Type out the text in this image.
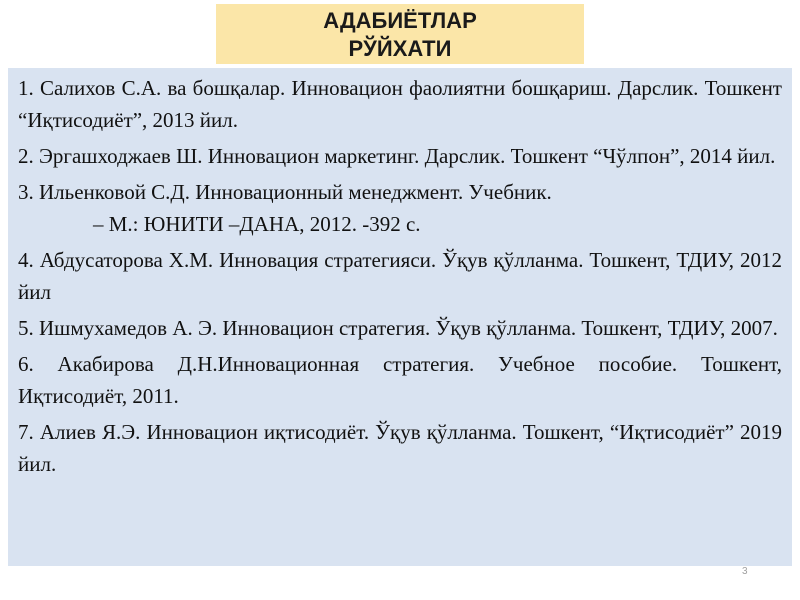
АДАБИЁТЛАР
РЎЙХАТИ

1. Салихов С.А. ва бошқалар. Инновацион фаолиятни бошқариш. Дарслик. Тошкент “Иқтисодиёт”, 2013 йил.

2. Эргашходжаев Ш. Инновацион маркетинг. Дарслик. Тошкент “Чўлпон”, 2014 йил.

3. Ильенковой С.Д. Инновационный менеджмент. Учебник.
– М.: ЮНИТИ –ДАНА, 2012. -392 с.

4. Абдусаторова Х.М. Инновация стратегияси. Ўқув қўлланма. Тошкент, ТДИУ, 2012 йил

5. Ишмухамедов А. Э. Инновацион стратегия. Ўқув қўлланма. Тошкент, ТДИУ, 2007.

6. Акабирова Д.Н.Инновационная стратегия. Учебное пособие. Тошкент, Иқтисодиёт, 2011.

7. Алиев Я.Э. Инновацион иқтисодиёт. Ўқув қўлланма. Тошкент, “Иқтисодиёт” 2019 йил.

3
